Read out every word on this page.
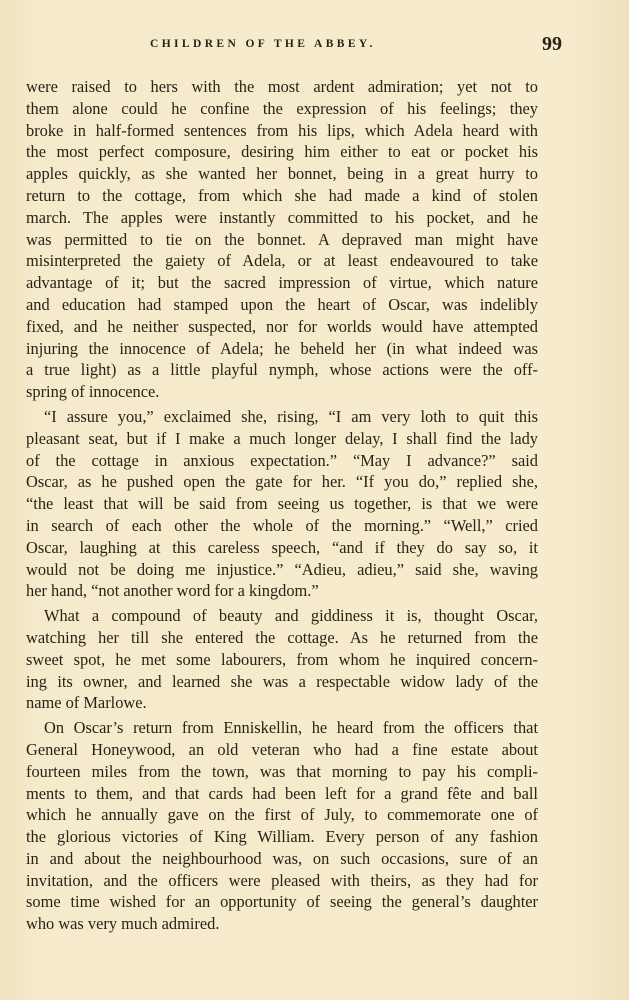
CHILDREN OF THE ABBEY.	99
were raised to hers with the most ardent admiration; yet not to
them alone could he confine the expression of his feelings; they
broke in half-formed sentences from his lips, which Adela heard with
the most perfect composure, desiring him either to eat or pocket his
apples quickly, as she wanted her bonnet, being in a great hurry to
return to the cottage, from which she had made a kind of stolen
march. The apples were instantly committed to his pocket, and he
was permitted to tie on the bonnet. A depraved man might have
misinterpreted the gaiety of Adela, or at least endeavoured to take
advantage of it; but the sacred impression of virtue, which nature
and education had stamped upon the heart of Oscar, was indelibly
fixed, and he neither suspected, nor for worlds would have attempted
injuring the innocence of Adela; he beheld her (in what indeed was
a true light) as a little playful nymph, whose actions were the off-
spring of innocence.
“I assure you,” exclaimed she, rising, “I am very loth to quit this
pleasant seat, but if I make a much longer delay, I shall find the lady
of the cottage in anxious expectation.” “May I advance?” said
Oscar, as he pushed open the gate for her. “If you do,” replied she,
“the least that will be said from seeing us together, is that we were
in search of each other the whole of the morning.” “Well,” cried
Oscar, laughing at this careless speech, “and if they do say so, it
would not be doing me injustice.” “Adieu, adieu,” said she, waving
her hand, “not another word for a kingdom.”
What a compound of beauty and giddiness it is, thought Oscar,
watching her till she entered the cottage. As he returned from the
sweet spot, he met some labourers, from whom he inquired concern-
ing its owner, and learned she was a respectable widow lady of the
name of Marlowe.
On Oscar’s return from Enniskellin, he heard from the officers that
General Honeywood, an old veteran who had a fine estate about
fourteen miles from the town, was that morning to pay his compli-
ments to them, and that cards had been left for a grand fête and ball
which he annually gave on the first of July, to commemorate one of
the glorious victories of King William. Every person of any fashion
in and about the neighbourhood was, on such occasions, sure of an
invitation, and the officers were pleased with theirs, as they had for
some time wished for an opportunity of seeing the general’s daughter
who was very much admired.
